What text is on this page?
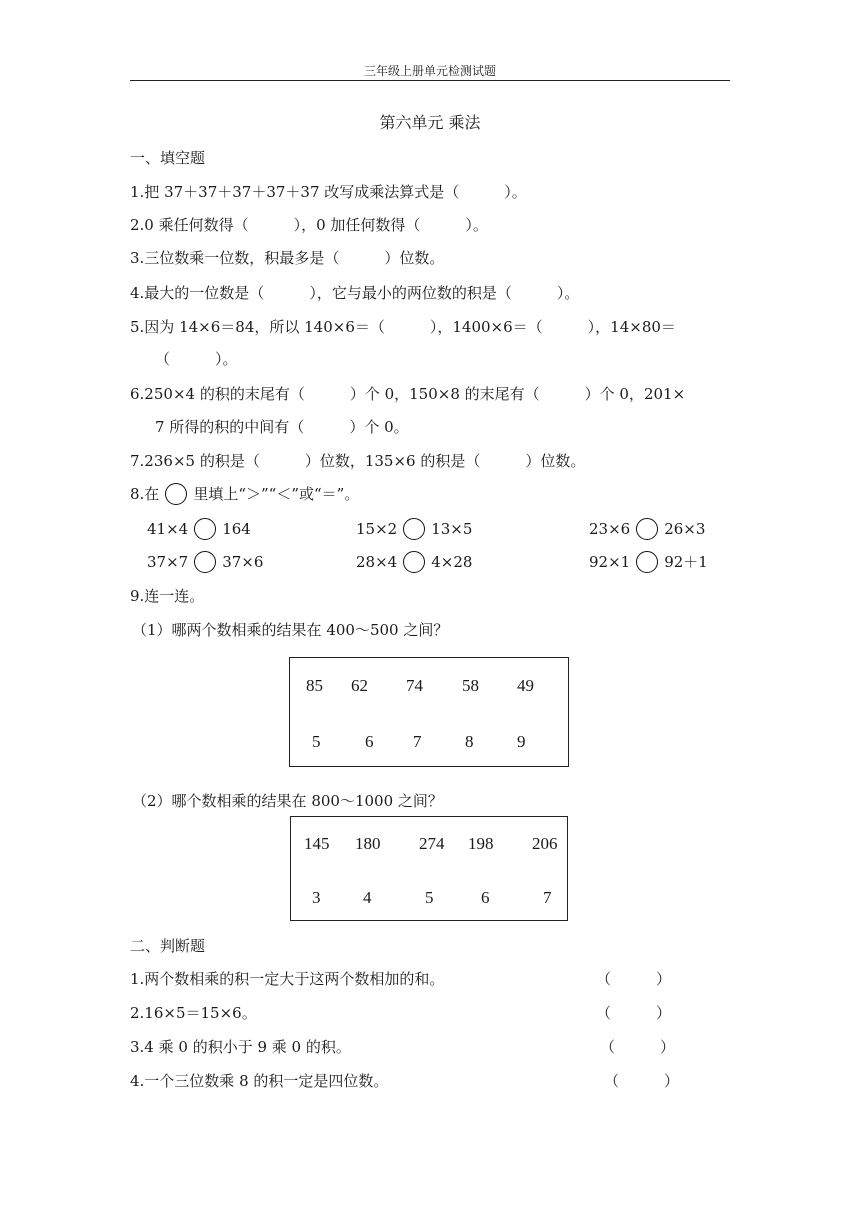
三年级上册单元检测试题
第六单元 乘法
一、填空题
1.把 37＋37＋37＋37＋37 改写成乘法算式是（　　　）。
2.0 乘任何数得（　　　），0 加任何数得（　　　）。
3.三位数乘一位数，积最多是（　　　）位数。
4.最大的一位数是（　　　），它与最小的两位数的积是（　　　）。
5.因为 14×6＝84，所以 140×6＝（　　　），1400×6＝（　　　），14×80＝
（　　　）。
6.250×4 的积的末尾有（　　　）个 0，150×8 的末尾有（　　　）个 0，201×
7 所得的积的中间有（　　　）个 0。
7.236×5 的积是（　　　）位数，135×6 的积是（　　　）位数。
8.在 里填上“＞”“＜”或“＝”。
41×4 164	15×2 13×5	23×6 26×3
37×7 37×6	28×4 4×28	92×1 92＋1
9.连一连。
（1）哪两个数相乘的结果在 400～500 之间？
85 62 74 58 49
5	6 7	8	9
（2）哪个数相乘的结果在 800～1000 之间？
145 180 274 198 206
3	4	5	6	7
二、判断题
1.两个数相乘的积一定大于这两个数相加的和。	（　　　）
2.16×5＝15×6。	（　　　）
3.4 乘 0 的积小于 9 乘 0 的积。	（　　　）
4.一个三位数乘 8 的积一定是四位数。	（　　　）
